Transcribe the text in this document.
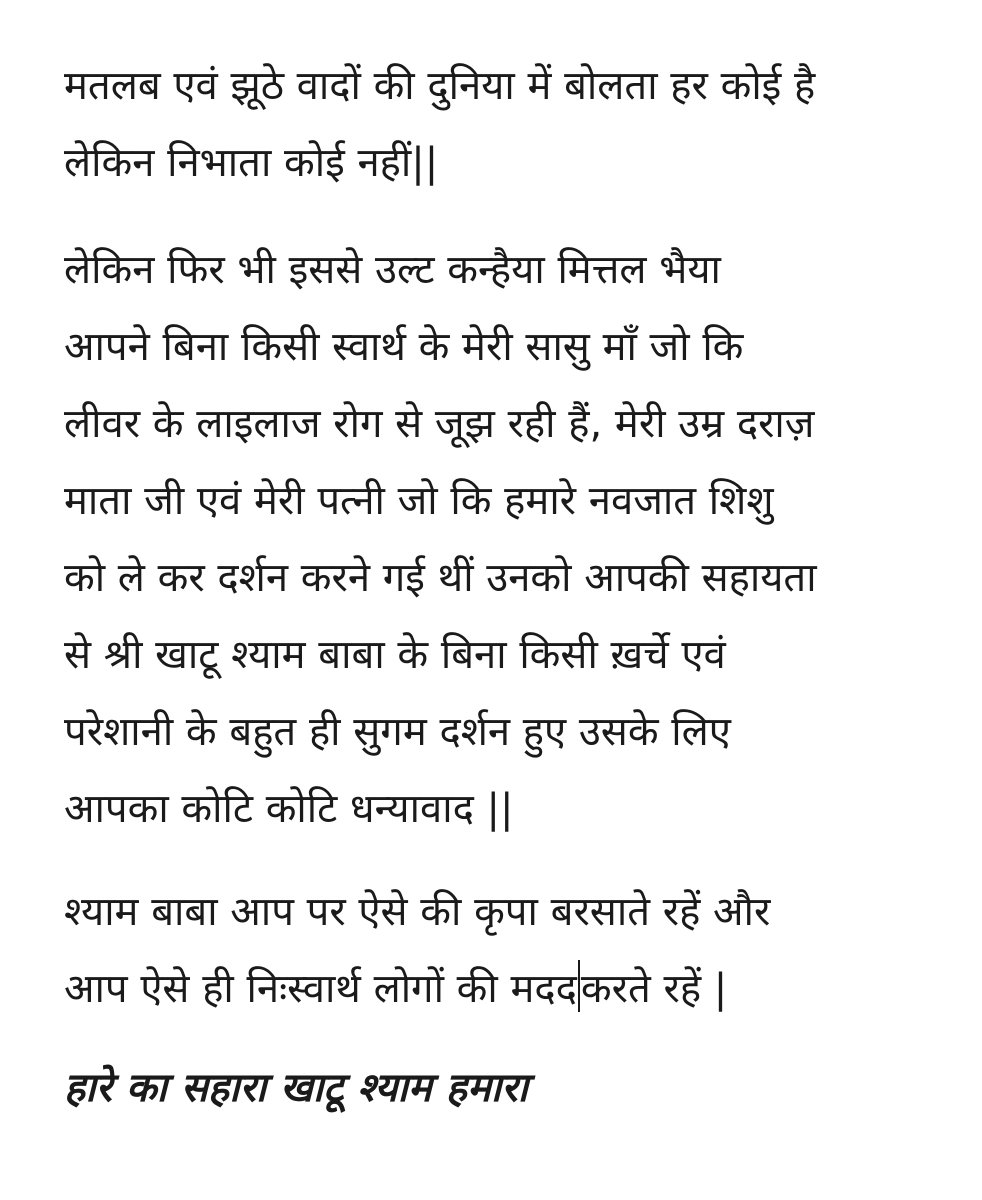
मतलब एवं झूठे वादों की दुनिया में बोलता हर कोई है
लेकिन निभाता कोई नहीं||

लेकिन फिर भी इससे उल्ट कन्हैया मित्तल भैया
आपने बिना किसी स्वार्थ के मेरी सासु माँ जो कि
लीवर के लाइलाज रोग से जूझ रही हैं, मेरी उम्र दराज़
माता जी एवं मेरी पत्नी जो कि हमारे नवजात शिशु
को ले कर दर्शन करने गई थीं उनको आपकी सहायता
से श्री खाटू श्याम बाबा के बिना किसी ख़र्चे एवं
परेशानी के बहुत ही सुगम दर्शन हुए उसके लिए
आपका कोटि कोटि धन्यावाद ||

श्याम बाबा आप पर ऐसे की कृपा बरसाते रहें और
आप ऐसे ही निःस्वार्थ लोगों की मदद करते रहें |

हारे का सहारा खाटू श्याम हमारा
